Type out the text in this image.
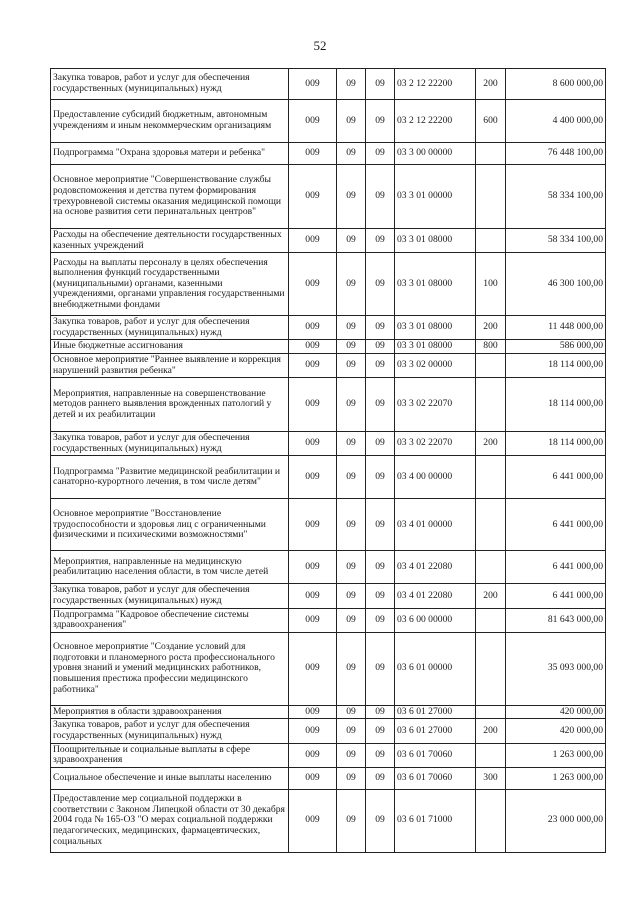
52
Закупка товаров, работ и услуг для обеспечения государственных (муниципальных) нужд	009	09	09	03 2 12 22200	200	8 600 000,00
Предоставление субсидий бюджетным, автономным учреждениям и иным некоммерческим организациям	009	09	09	03 2 12 22200	600	4 400 000,00
Подпрограмма "Охрана здоровья матери и ребенка"	009	09	09	03 3 00 00000		76 448 100,00
Основное мероприятие "Совершенствование службы родовспоможения и детства путем формирования трехуровневой системы оказания медицинской помощи на основе развития сети перинатальных центров"	009	09	09	03 3 01 00000		58 334 100,00
Расходы на обеспечение деятельности государственных казенных учреждений	009	09	09	03 3 01 08000		58 334 100,00
Расходы на выплаты персоналу в целях обеспечения выполнения функций государственными (муниципальными) органами, казенными учреждениями, органами управления государственными внебюджетными фондами	009	09	09	03 3 01 08000	100	46 300 100,00
Закупка товаров, работ и услуг для обеспечения государственных (муниципальных) нужд	009	09	09	03 3 01 08000	200	11 448 000,00
Иные бюджетные ассигнования	009	09	09	03 3 01 08000	800	586 000,00
Основное мероприятие "Раннее выявление и коррекция нарушений развития ребенка"	009	09	09	03 3 02 00000		18 114 000,00
Мероприятия, направленные на совершенствование методов раннего выявления врожденных патологий у детей и их реабилитации	009	09	09	03 3 02 22070		18 114 000,00
Закупка товаров, работ и услуг для обеспечения государственных (муниципальных) нужд	009	09	09	03 3 02 22070	200	18 114 000,00
Подпрограмма "Развитие медицинской реабилитации и санаторно-курортного лечения, в том числе детям"	009	09	09	03 4 00 00000		6 441 000,00
Основное мероприятие "Восстановление трудоспособности и здоровья лиц с ограниченными физическими и психическими возможностями"	009	09	09	03 4 01 00000		6 441 000,00
Мероприятия, направленные на медицинскую реабилитацию населения области, в том числе детей	009	09	09	03 4 01 22080		6 441 000,00
Закупка товаров, работ и услуг для обеспечения государственных (муниципальных) нужд	009	09	09	03 4 01 22080	200	6 441 000,00
Подпрограмма "Кадровое обеспечение системы здравоохранения"	009	09	09	03 6 00 00000		81 643 000,00
Основное мероприятие "Создание условий для подготовки и планомерного роста профессионального уровня знаний и умений медицинских работников, повышения престижа профессии медицинского работника"	009	09	09	03 6 01 00000		35 093 000,00
Мероприятия в области здравоохранения	009	09	09	03 6 01 27000		420 000,00
Закупка товаров, работ и услуг для обеспечения государственных (муниципальных) нужд	009	09	09	03 6 01 27000	200	420 000,00
Поощрительные и социальные выплаты в сфере здравоохранения	009	09	09	03 6 01 70060		1 263 000,00
Социальное обеспечение и иные выплаты населению	009	09	09	03 6 01 70060	300	1 263 000,00
Предоставление мер социальной поддержки в соответствии с Законом Липецкой области от 30 декабря 2004 года № 165-ОЗ "О мерах социальной поддержки педагогических, медицинских, фармацевтических, социальных	009	09	09	03 6 01 71000		23 000 000,00
